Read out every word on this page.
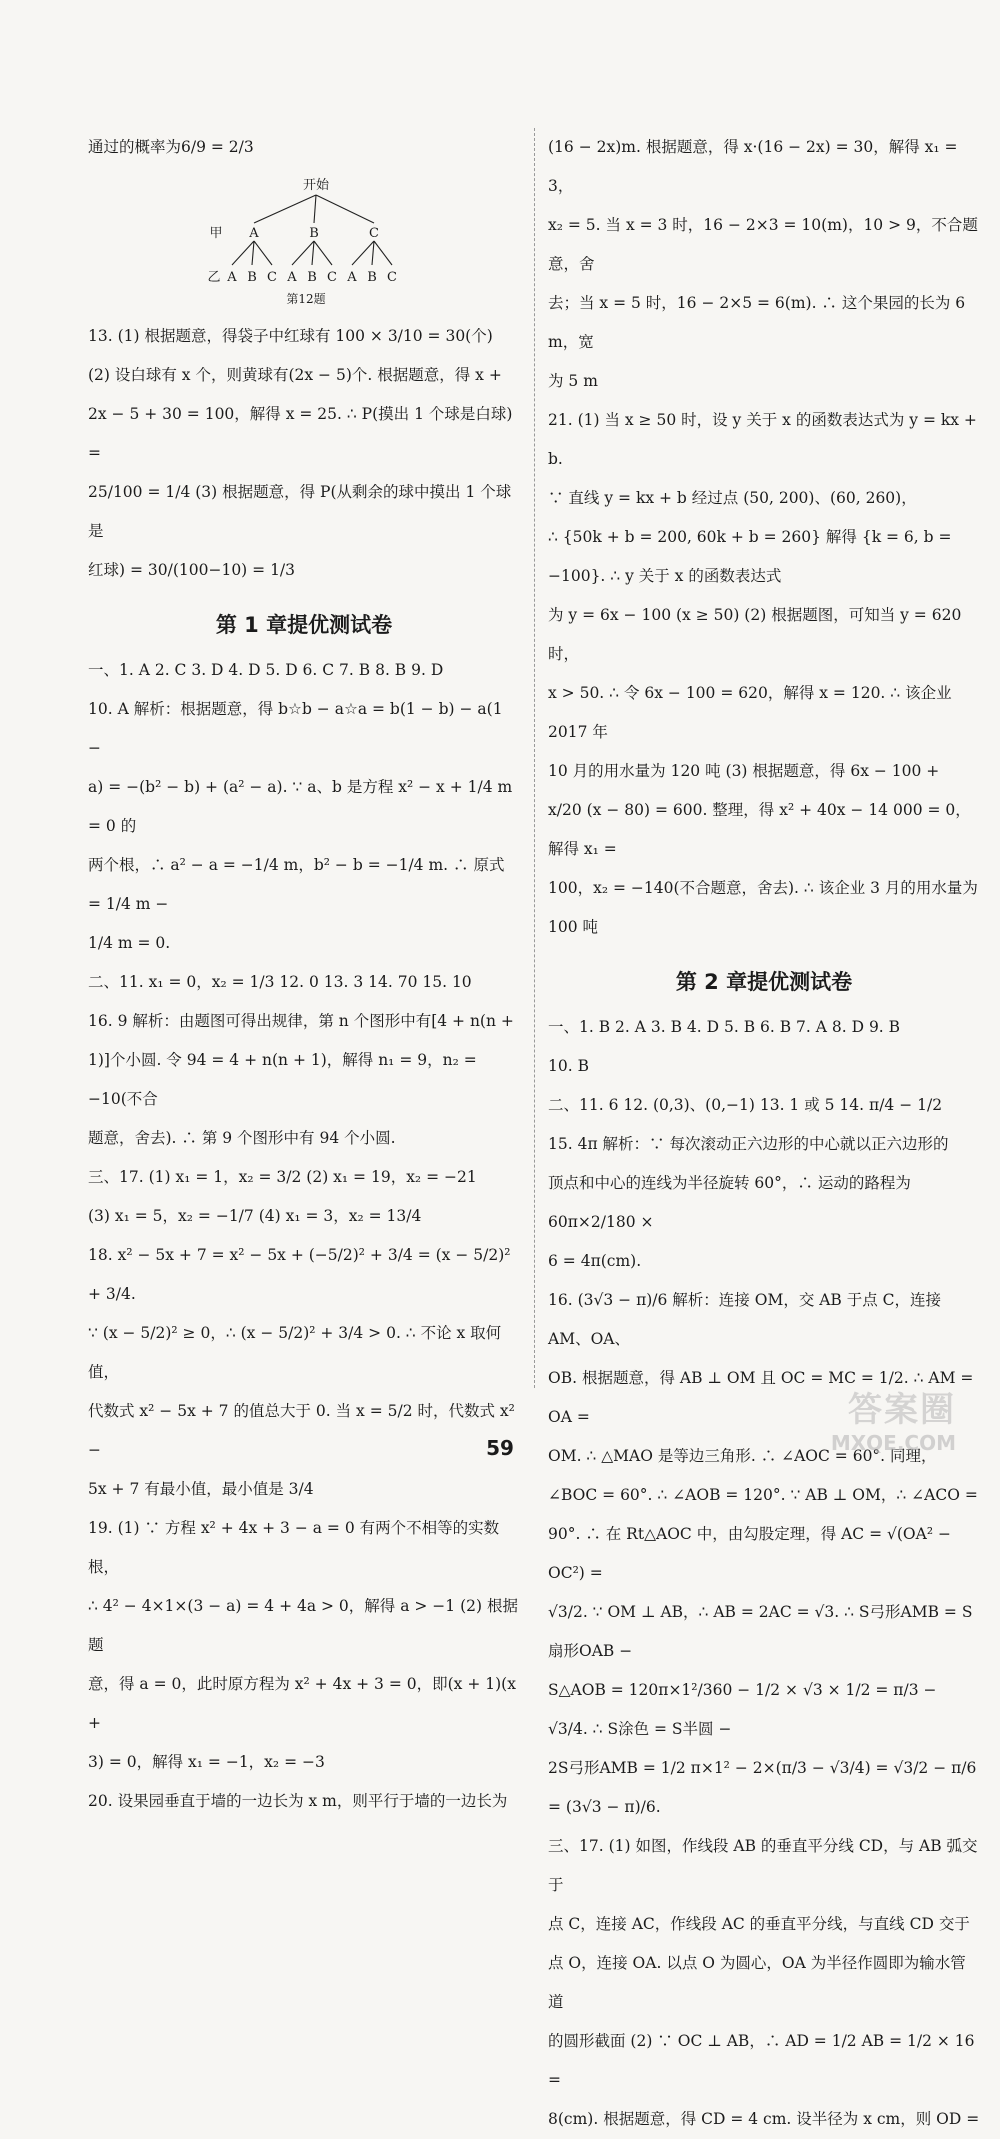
通过的概率为6/9 = 2/3

开始
甲 A	B	C
乙 A B C A B C A B C
第12题

13. (1) 根据题意，得袋子中红球有 100 × 3/10 = 30(个)

(2) 设白球有 x 个，则黄球有(2x − 5)个. 根据题意，得 x +

2x − 5 + 30 = 100，解得 x = 25. ∴ P(摸出 1 个球是白球) =

25/100 = 1/4 (3) 根据题意，得 P(从剩余的球中摸出 1 个球是

红球) = 30/(100−10) = 1/3

第 1 章提优测试卷

一、1. A 2. C 3. D 4. D 5. D 6. C 7. B 8. B 9. D

10. A 解析：根据题意，得 b☆b − a☆a = b(1 − b) − a(1 −

a) = −(b² − b) + (a² − a). ∵ a、b 是方程 x² − x + 1/4 m = 0 的

两个根，∴ a² − a = −1/4 m，b² − b = −1/4 m. ∴ 原式 = 1/4 m −

1/4 m = 0.

二、11. x₁ = 0，x₂ = 1/3 12. 0 13. 3 14. 70 15. 10

16. 9 解析：由题图可得出规律，第 n 个图形中有[4 + n(n +

1)]个小圆. 令 94 = 4 + n(n + 1)，解得 n₁ = 9，n₂ = −10(不合

题意，舍去). ∴ 第 9 个图形中有 94 个小圆.

三、17. (1) x₁ = 1，x₂ = 3/2 (2) x₁ = 19，x₂ = −21

(3) x₁ = 5，x₂ = −1/7 (4) x₁ = 3，x₂ = 13/4

18. x² − 5x + 7 = x² − 5x + (−5/2)² + 3/4 = (x − 5/2)² + 3/4.

∵ (x − 5/2)² ≥ 0，∴ (x − 5/2)² + 3/4 > 0. ∴ 不论 x 取何值，

代数式 x² − 5x + 7 的值总大于 0. 当 x = 5/2 时，代数式 x² −

5x + 7 有最小值，最小值是 3/4

19. (1) ∵ 方程 x² + 4x + 3 − a = 0 有两个不相等的实数根，

∴ 4² − 4×1×(3 − a) = 4 + 4a > 0，解得 a > −1 (2) 根据题

意，得 a = 0，此时原方程为 x² + 4x + 3 = 0，即(x + 1)(x +

3) = 0，解得 x₁ = −1，x₂ = −3

20. 设果园垂直于墙的一边长为 x m，则平行于墙的一边长为

(16 − 2x)m. 根据题意，得 x·(16 − 2x) = 30，解得 x₁ = 3，

x₂ = 5. 当 x = 3 时，16 − 2×3 = 10(m)，10 > 9，不合题意，舍

去；当 x = 5 时，16 − 2×5 = 6(m). ∴ 这个果园的长为 6 m，宽

为 5 m

21. (1) 当 x ≥ 50 时，设 y 关于 x 的函数表达式为 y = kx + b.

∵ 直线 y = kx + b 经过点 (50, 200)、(60, 260)，

∴ {50k + b = 200, 60k + b = 260} 解得 {k = 6, b = −100}. ∴ y 关于 x 的函数表达式

为 y = 6x − 100 (x ≥ 50) (2) 根据题图，可知当 y = 620 时，

x > 50. ∴ 令 6x − 100 = 620，解得 x = 120. ∴ 该企业 2017 年

10 月的用水量为 120 吨 (3) 根据题意，得 6x − 100 +

x/20 (x − 80) = 600. 整理，得 x² + 40x − 14 000 = 0，解得 x₁ =

100，x₂ = −140(不合题意，舍去). ∴ 该企业 3 月的用水量为

100 吨

第 2 章提优测试卷

一、1. B 2. A 3. B 4. D 5. B 6. B 7. A 8. D 9. B

10. B

二、11. 6 12. (0,3)、(0,−1) 13. 1 或 5 14. π/4 − 1/2

15. 4π 解析：∵ 每次滚动正六边形的中心就以正六边形的

顶点和中心的连线为半径旋转 60°，∴ 运动的路程为 60π×2/180 ×

6 = 4π(cm).

16. (3√3 − π)/6 解析：连接 OM，交 AB 于点 C，连接 AM、OA、

OB. 根据题意，得 AB ⊥ OM 且 OC = MC = 1/2. ∴ AM = OA =

OM. ∴ △MAO 是等边三角形. ∴ ∠AOC = 60°. 同理，

∠BOC = 60°. ∴ ∠AOB = 120°. ∵ AB ⊥ OM，∴ ∠ACO =

90°. ∴ 在 Rt△AOC 中，由勾股定理，得 AC = √(OA² − OC²) =

√3/2. ∵ OM ⊥ AB，∴ AB = 2AC = √3. ∴ S弓形AMB = S扇形OAB −

S△AOB = 120π×1²/360 − 1/2 × √3 × 1/2 = π/3 − √3/4. ∴ S涂色 = S半圆 −

2S弓形AMB = 1/2 π×1² − 2×(π/3 − √3/4) = √3/2 − π/6 = (3√3 − π)/6.

三、17. (1) 如图，作线段 AB 的垂直平分线 CD，与 AB 弧交于

点 C，连接 AC，作线段 AC 的垂直平分线，与直线 CD 交于

点 O，连接 OA. 以点 O 为圆心，OA 为半径作圆即为输水管道

的圆形截面 (2) ∵ OC ⊥ AB，∴ AD = 1/2 AB = 1/2 × 16 =

8(cm). 根据题意，得 CD = 4 cm. 设半径为 x cm，则 OD =

59
答案圈
MXQE.COM
